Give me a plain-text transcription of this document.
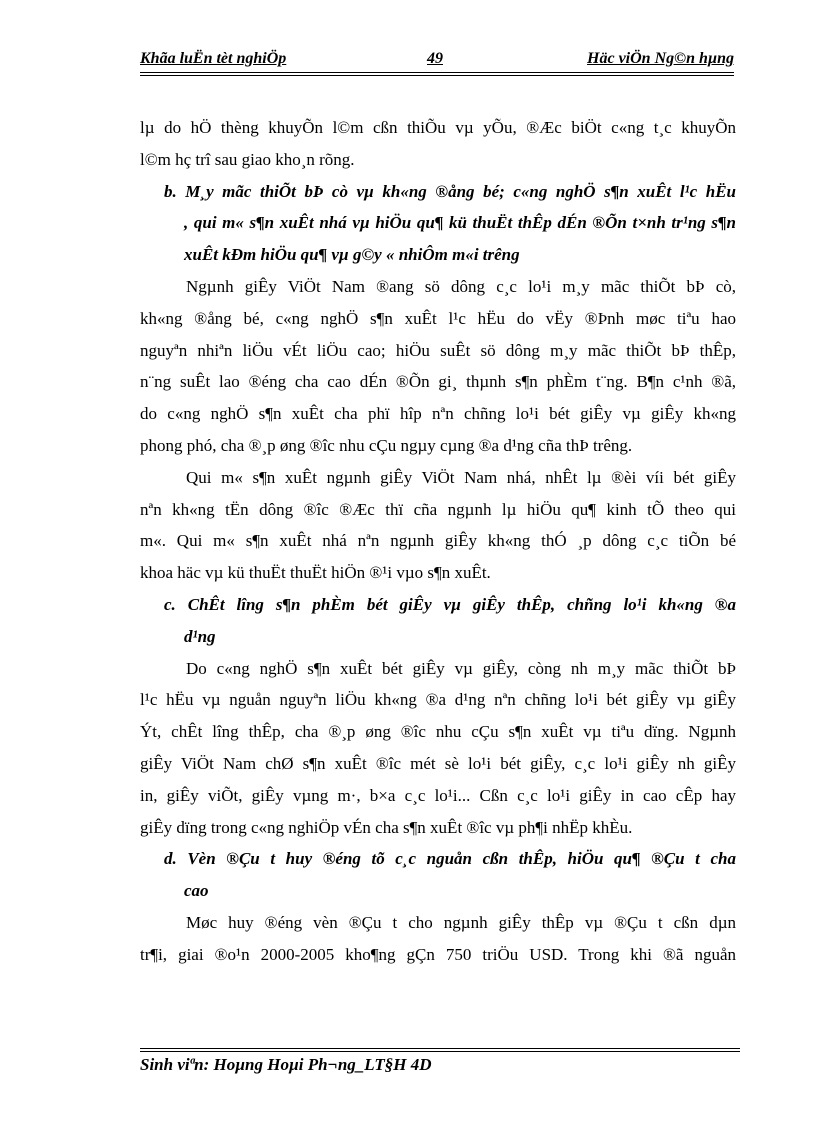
Khãa luËn tèt nghiÖp	49	Häc viÖn Ng©n hµng
lµ do hÖ thèng khuyÕn l©m cßn thiÕu vµ yÕu, ®Æc biÖt c«ng t¸c khuyÕn
l©m hç trî sau giao kho¸n rõng.
b. M¸y mãc thiÕt bÞ cò vµ kh«ng ®ång bé; c«ng nghÖ s¶n xuÊt l¹c hËu
, qui m« s¶n xuÊt nhá vµ hiÖu qu¶ kü thuËt thÊp dÉn ®Õn t×nh tr¹ng s¶n
xuÊt kÐm hiÖu qu¶ vµ g©y « nhiÔm m«i trêng
Ngµnh giÊy ViÖt Nam ®ang sö dông c¸c lo¹i m¸y mãc thiÕt bÞ cò,
kh«ng ®ång bé, c«ng nghÖ s¶n xuÊt l¹c hËu do vËy ®Þnh møc tiªu hao
nguyªn nhiªn liÖu vÉt liÖu cao; hiÖu suÊt sö dông m¸y mãc thiÕt bÞ thÊp,
n¨ng suÊt lao ®éng cha cao dÉn ®Õn gi¸ thµnh s¶n phÈm t¨ng. B¶n c¹nh ®ã,
do c«ng nghÖ s¶n xuÊt cha phï hîp nªn chñng lo¹i bét giÊy vµ giÊy kh«ng
phong phó, cha ®¸p øng ®îc nhu cÇu ngµy cµng ®a d¹ng cña thÞ trêng.
Qui m« s¶n xuÊt ngµnh giÊy ViÖt Nam nhá, nhÊt lµ ®èi víi bét giÊy
nªn kh«ng tËn dông ®îc ®Æc thï cña ngµnh lµ hiÖu qu¶ kinh tÕ theo qui
m«. Qui m« s¶n xuÊt nhá nªn ngµnh giÊy kh«ng thÓ ¸p dông c¸c tiÕn bé
khoa häc vµ kü thuËt thuËt hiÖn ®¹i vµo s¶n xuÊt.
c. ChÊt lîng s¶n phÈm bét giÊy vµ giÊy thÊp, chñng lo¹i kh«ng ®a
d¹ng
Do c«ng nghÖ s¶n xuÊt bét giÊy vµ giÊy, còng nh m¸y mãc thiÕt bÞ
l¹c hËu vµ nguån nguyªn liÖu kh«ng ®a d¹ng nªn chñng lo¹i bét giÊy vµ giÊy
Ýt, chÊt lîng thÊp, cha ®¸p øng ®îc nhu cÇu s¶n xuÊt vµ tiªu dïng. Ngµnh
giÊy ViÖt Nam chØ s¶n xuÊt ®îc mét sè lo¹i bét giÊy, c¸c lo¹i giÊy nh giÊy
in, giÊy viÕt, giÊy vµng m·, b×a c¸c lo¹i... Cßn c¸c lo¹i giÊy in cao cÊp hay
giÊy dïng trong c«ng nghiÖp vÉn cha s¶n xuÊt ®îc vµ ph¶i nhËp khÈu.
d. Vèn ®Çu t huy ®éng tõ c¸c nguån cßn thÊp, hiÖu qu¶ ®Çu t cha
cao
Møc huy ®éng vèn ®Çu t cho ngµnh giÊy thÊp vµ ®Çu t cßn dµn
tr¶i, giai ®o¹n 2000-2005 kho¶ng gÇn 750 triÖu USD. Trong khi ®ã nguån
Sinh viªn: Hoµng Hoµi Ph¬ng_LT§H 4D
